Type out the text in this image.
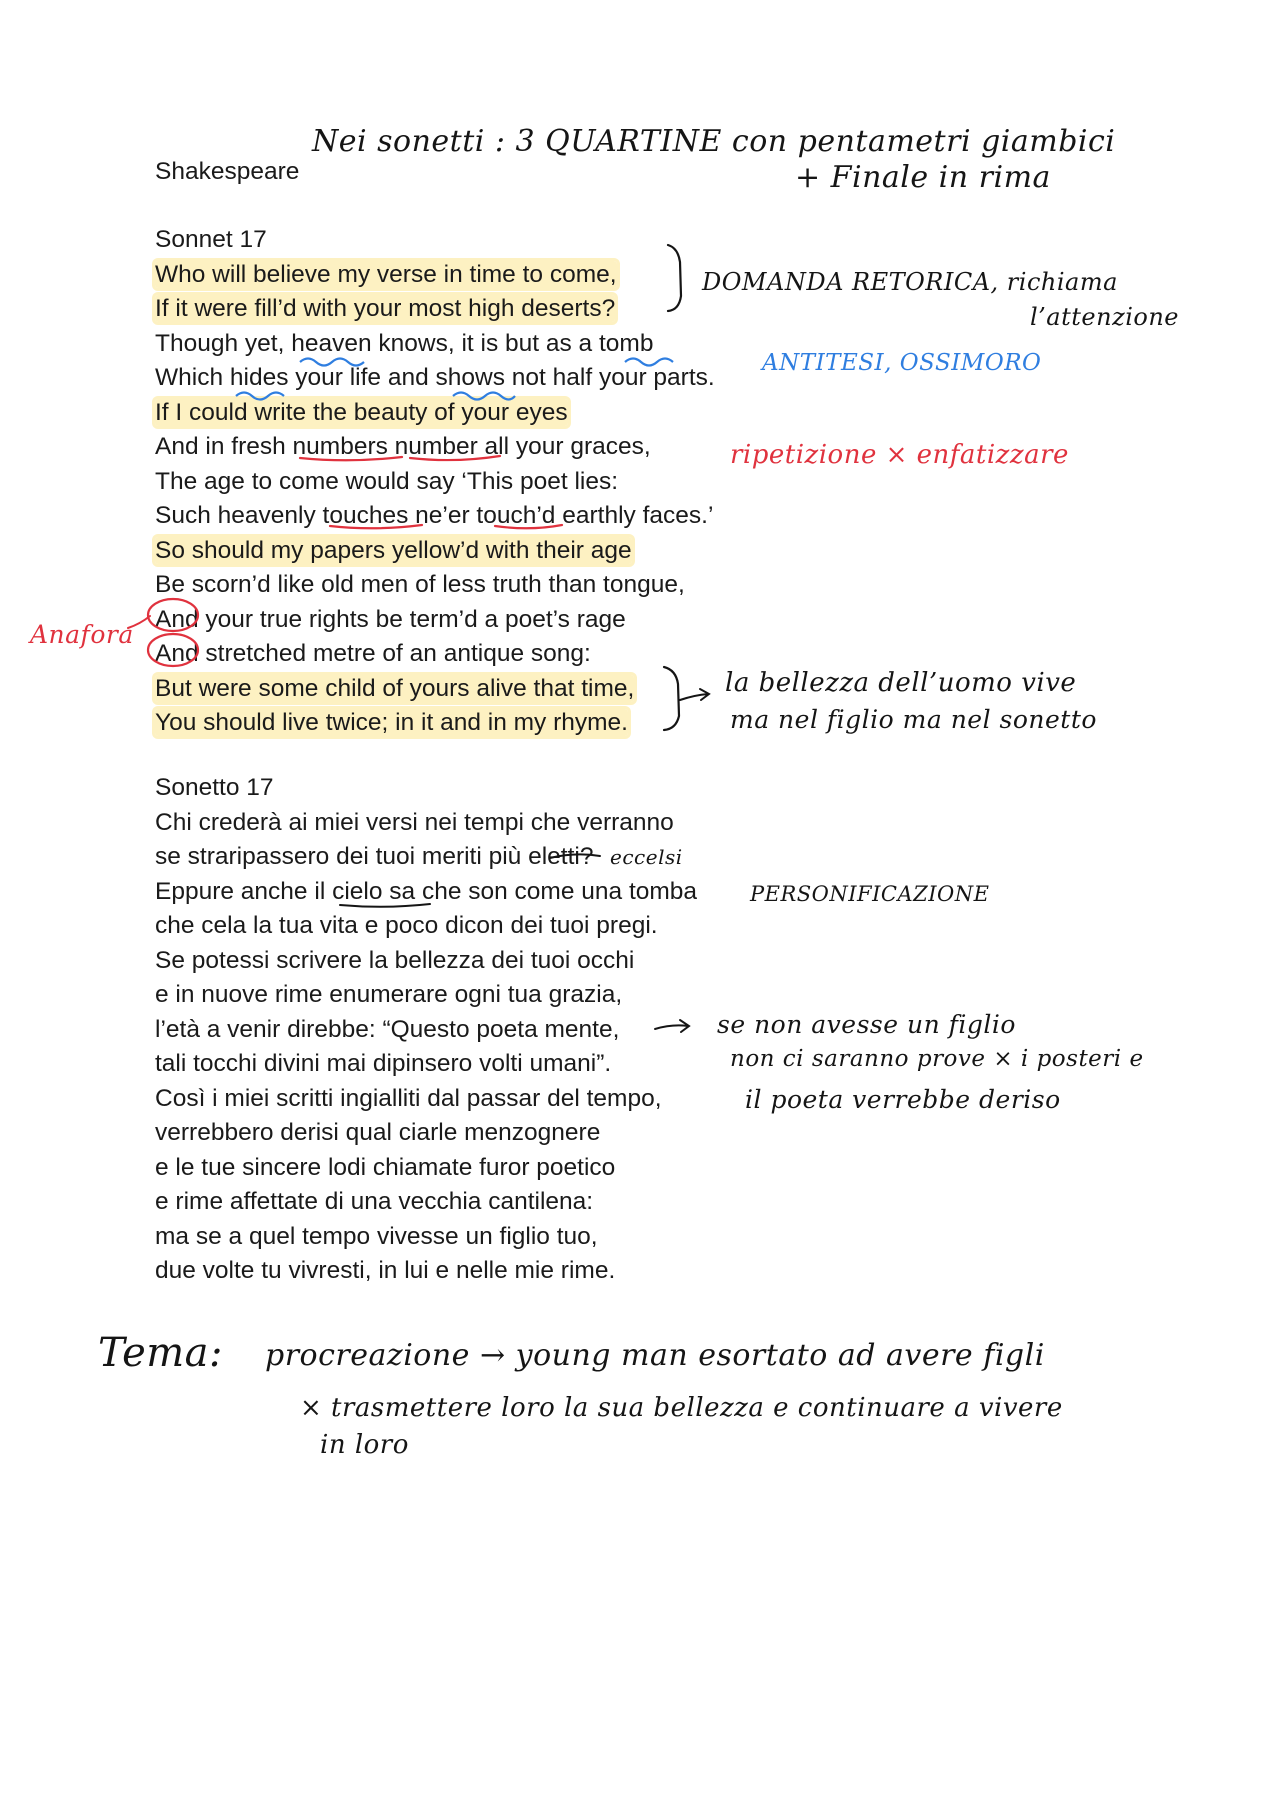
Nei sonetti : 3 QUARTINE con pentametri giambici
+ Finale in rima
Shakespeare
Sonnet 17
Who will believe my verse in time to come,
If it were fill’d with your most high deserts?
Though yet, heaven knows, it is but as a tomb
Which hides your life and shows not half your parts.
If I could write the beauty of your eyes
And in fresh numbers number all your graces,
The age to come would say ‘This poet lies:
Such heavenly touches ne’er touch’d earthly faces.’
So should my papers yellow’d with their age
Be scorn’d like old men of less truth than tongue,
And your true rights be term’d a poet’s rage
And stretched metre of an antique song:
But were some child of yours alive that time,
You should live twice; in it and in my rhyme.
Sonetto 17
Chi crederà ai miei versi nei tempi che verranno
se straripassero dei tuoi meriti più eletti?
Eppure anche il cielo sa che son come una tomba
che cela la tua vita e poco dicon dei tuoi pregi.
Se potessi scrivere la bellezza dei tuoi occhi
e in nuove rime enumerare ogni tua grazia,
l’età a venir direbbe: “Questo poeta mente,
tali tocchi divini mai dipinsero volti umani”.
Così i miei scritti ingialliti dal passar del tempo,
verrebbero derisi qual ciarle menzognere
e le tue sincere lodi chiamate furor poetico
e rime affettate di una vecchia cantilena:
ma se a quel tempo vivesse un figlio tuo,
due volte tu vivresti, in lui e nelle mie rime.
eccelsi
DOMANDA RETORICA, richiama
l’attenzione
ANTITESI, OSSIMORO
ripetizione × enfatizzare
Anafora
la bellezza dell’uomo vive
ma nel figlio ma nel sonetto
PERSONIFICAZIONE
se non avesse un figlio
non ci saranno prove × i posteri e
il poeta verrebbe deriso
Tema: procreazione → young man esortato ad avere figli
× trasmettere loro la sua bellezza e continuare a vivere
in loro
